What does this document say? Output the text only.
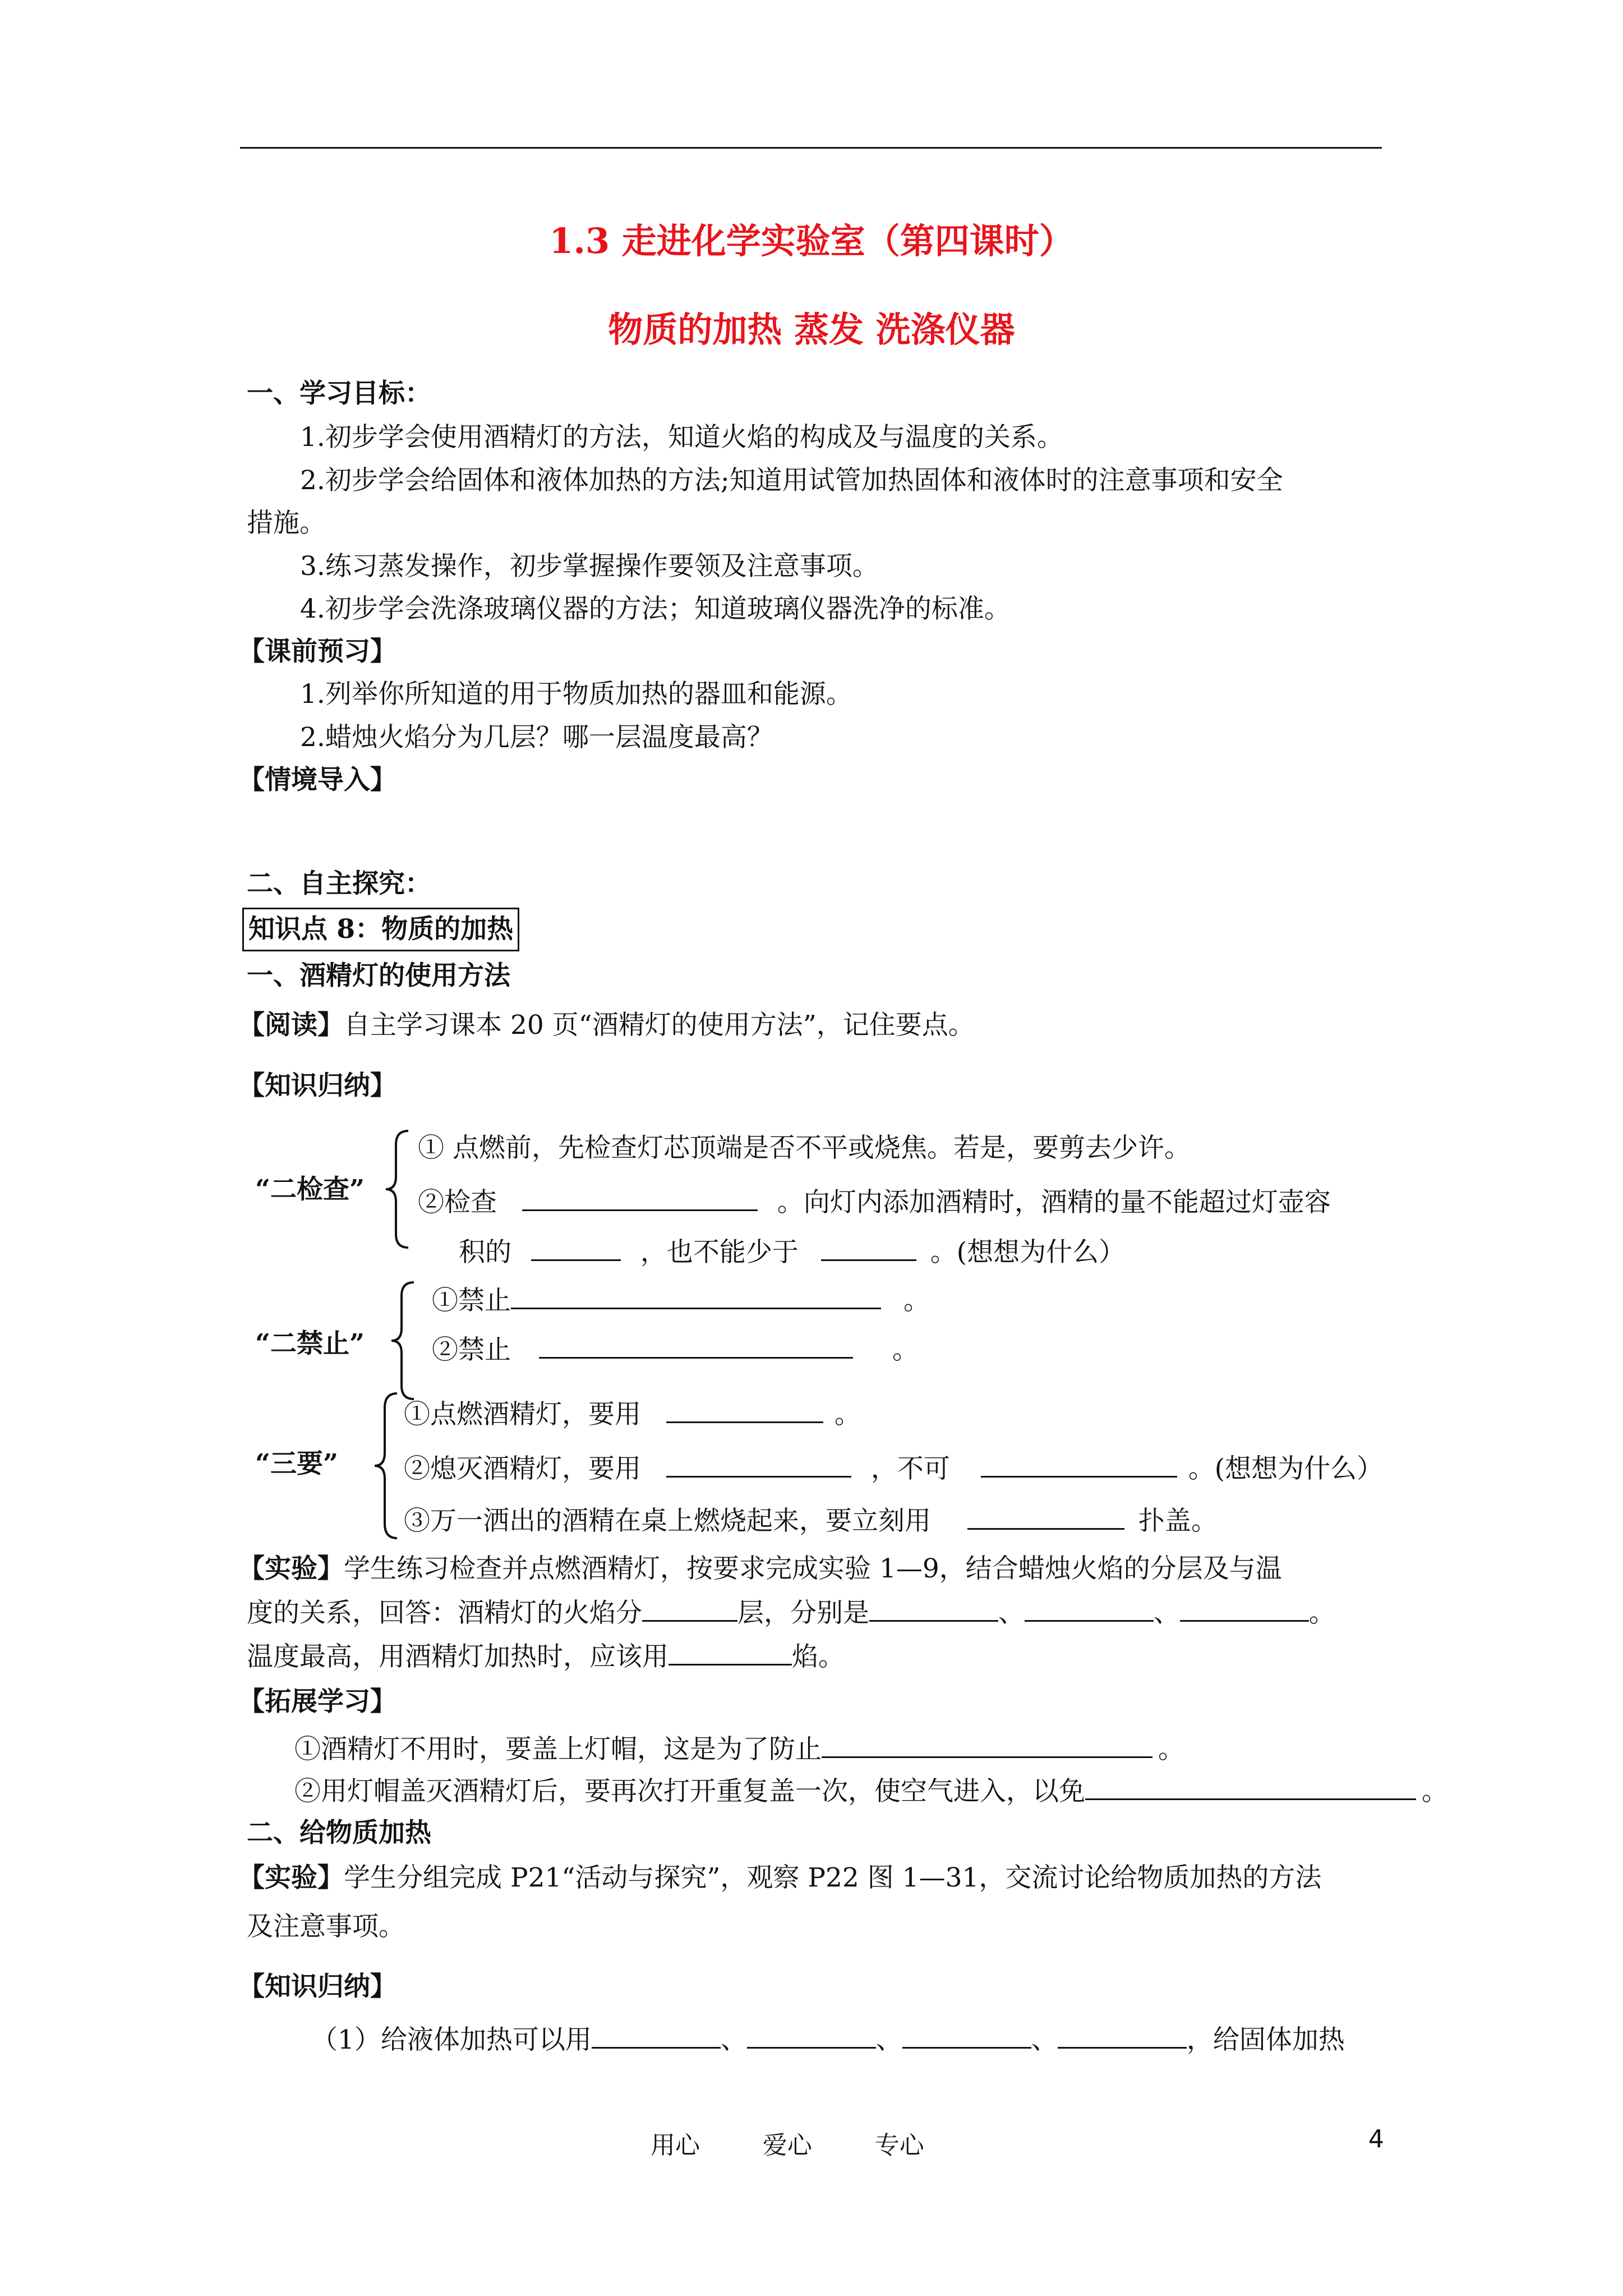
1.3 走进化学实验室（第四课时）
物质的加热 蒸发 洗涤仪器
一、学习目标：
1.初步学会使用酒精灯的方法，知道火焰的构成及与温度的关系。
2.初步学会给固体和液体加热的方法;知道用试管加热固体和液体时的注意事项和安全
措施。
3.练习蒸发操作，初步掌握操作要领及注意事项。
4.初步学会洗涤玻璃仪器的方法；知道玻璃仪器洗净的标准。
【课前预习】
1.列举你所知道的用于物质加热的器皿和能源。
2.蜡烛火焰分为几层？哪一层温度最高？
【情境导入】
二、自主探究：
知识点 8：物质的加热
一、酒精灯的使用方法
【阅读】自主学习课本 20 页“酒精灯的使用方法”，记住要点。
【知识归纳】
“二检查”
① 点燃前，先检查灯芯顶端是否不平或烧焦。若是，要剪去少许。
②检查	。向灯内添加酒精时，酒精的量不能超过灯壶容
积的	，也不能少于	。(想想为什么）
“二禁止”
①禁止	。
②禁止	。
“三要”
①点燃酒精灯，要用	。
②熄灭酒精灯，要用	，不可	。(想想为什么）
③万一洒出的酒精在桌上燃烧起来，要立刻用	扑盖。
【实验】学生练习检查并点燃酒精灯，按要求完成实验 1—9，结合蜡烛火焰的分层及与温
度的关系，回答：酒精灯的火焰分	层，分别是	、	、	。
温度最高，用酒精灯加热时，应该用	焰。
【拓展学习】
①酒精灯不用时，要盖上灯帽，这是为了防止	。
②用灯帽盖灭酒精灯后，要再次打开重复盖一次，使空气进入，以免	。
二、给物质加热
【实验】学生分组完成 P21“活动与探究”，观察 P22 图 1—31，交流讨论给物质加热的方法
及注意事项。
【知识归纳】
（1）给液体加热可以用	、	、	、	，给固体加热
用心        爱心        专心	4
